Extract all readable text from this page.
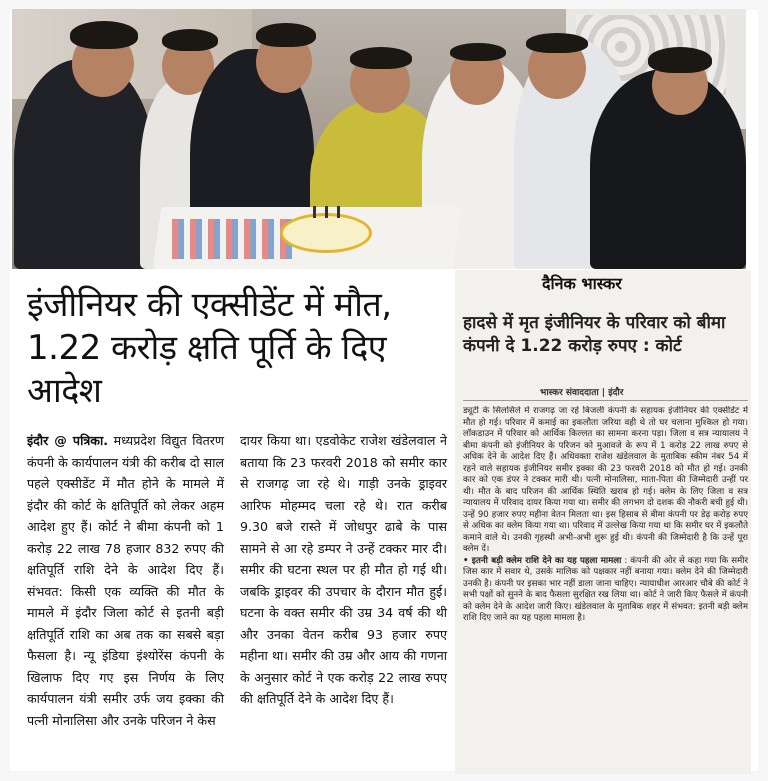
इंजीनियर की एक्सीडेंट में मौत, 1.22 करोड़ क्षति पूर्ति के दिए आदेश
इंदौर @ पत्रिका. मध्यप्रदेश विद्युत वितरण कंपनी के कार्यपालन यंत्री की करीब दो साल पहले एक्सीडेंट में मौत होने के मामले में इंदौर की कोर्ट के क्षतिपूर्ति को लेकर अहम आदेश हुए हैं। कोर्ट ने बीमा कंपनी को 1 करोड़ 22 लाख 78 हजार 832 रुपए की क्षतिपूर्ति राशि देने के आदेश दिए हैं। संभवत: किसी एक व्यक्ति की मौत के मामले में इंदौर जिला कोर्ट से इतनी बड़ी क्षतिपूर्ति राशि का अब तक का सबसे बड़ा फैसला है। न्यू इंडिया इंश्योरेंस कंपनी के खिलाफ दिए गए इस निर्णय के लिए कार्यपालन यंत्री समीर उर्फ जय इक्का की पत्नी मोनालिसा और उनके परिजन ने केस
दायर किया था। एडवोकेट राजेश खंडेलवाल ने बताया कि 23 फरवरी 2018 को समीर कार से राजगढ़ जा रहे थे। गाड़ी उनके ड्राइवर आरिफ मोहम्मद चला रहे थे। रात करीब 9.30 बजे रास्ते में जोधपुर ढाबे के पास सामने से आ रहे डम्पर ने उन्हें टक्कर मार दी। समीर की घटना स्थल पर ही मौत हो गई थी। जबकि ड्राइवर की उपचार के दौरान मौत हुई। घटना के वक्त समीर की उम्र 34 वर्ष की थी और उनका वेतन करीब 93 हजार रुपए महीना था। समीर की उम्र और आय की गणना के अनुसार कोर्ट ने एक करोड़ 22 लाख रुपए की क्षतिपूर्ति देने के आदेश दिए हैं।
दैनिक भास्कर
हादसे में मृत इंजीनियर के परिवार को बीमा कंपनी दे 1.22 करोड़ रुपए : कोर्ट
भास्कर संवाददाता | इंदौर
ड्यूटी के सिलसिले में राजगढ़ जा रहे बिजली कंपनी के सहायक इंजीनियर की एक्सीडेंट में मौत हो गई। परिवार में कमाई का इकलौता जरिया वही थे तो घर चलाना मुश्किल हो गया। लॉकडाउन में परिवार को आर्थिक किल्लत का सामना करना पड़ा। जिला व सत्र न्यायालय ने बीमा कंपनी को इंजीनियर के परिजन को मुआवजे के रूप में 1 करोड़ 22 लाख रुपए से अधिक देने के आदेश दिए हैं। अधिवक्ता राजेश खंडेलवाल के मुताबिक स्कीम नंबर 54 में रहने वाले सहायक इंजीनियर समीर इक्का की 23 फरवरी 2018 को मौत हो गई। उनकी कार को एक डंपर ने टक्कर मारी थी। पत्नी मोनालिसा, माता-पिता की जिम्मेदारी उन्हीं पर थी। मौत के बाद परिजन की आर्थिक स्थिति खराब हो गई। क्लेम के लिए जिला व सत्र न्यायालय में परिवाद दायर किया गया था। समीर की लगभग दो दशक की नौकरी बची हुई थी। उन्हें 90 हजार रुपए महीना वेतन मिलता था। इस हिसाब से बीमा कंपनी पर डेढ़ करोड़ रुपए से अधिक का क्लेम किया गया था। परिवाद में उल्लेख किया गया था कि समीर घर में इकलौते कमाने वाले थे। उनकी गृहस्थी अभी-अभी शुरू हुई थी। कंपनी की जिम्मेदारी है कि उन्हें पूरा क्लेम दें।
• इतनी बड़ी क्लेम राशि देने का यह पहला मामला : कंपनी की ओर से कहा गया कि समीर जिस कार में सवार थे, उसके मालिक को पक्षकार नहीं बनाया गया। क्लेम देने की जिम्मेदारी उनकी है। कंपनी पर इसका भार नहीं डाला जाना चाहिए। न्यायाधीश आरआर चौबे की कोर्ट ने सभी पक्षों को सुनने के बाद फैसला सुरक्षित रख लिया था। कोर्ट ने जारी किए फैसले में कंपनी को क्लेम देने के आदेश जारी किए। खंडेलवाल के मुताबिक शहर में संभवत: इतनी बड़ी क्लेम राशि दिए जाने का यह पहला मामला है।
